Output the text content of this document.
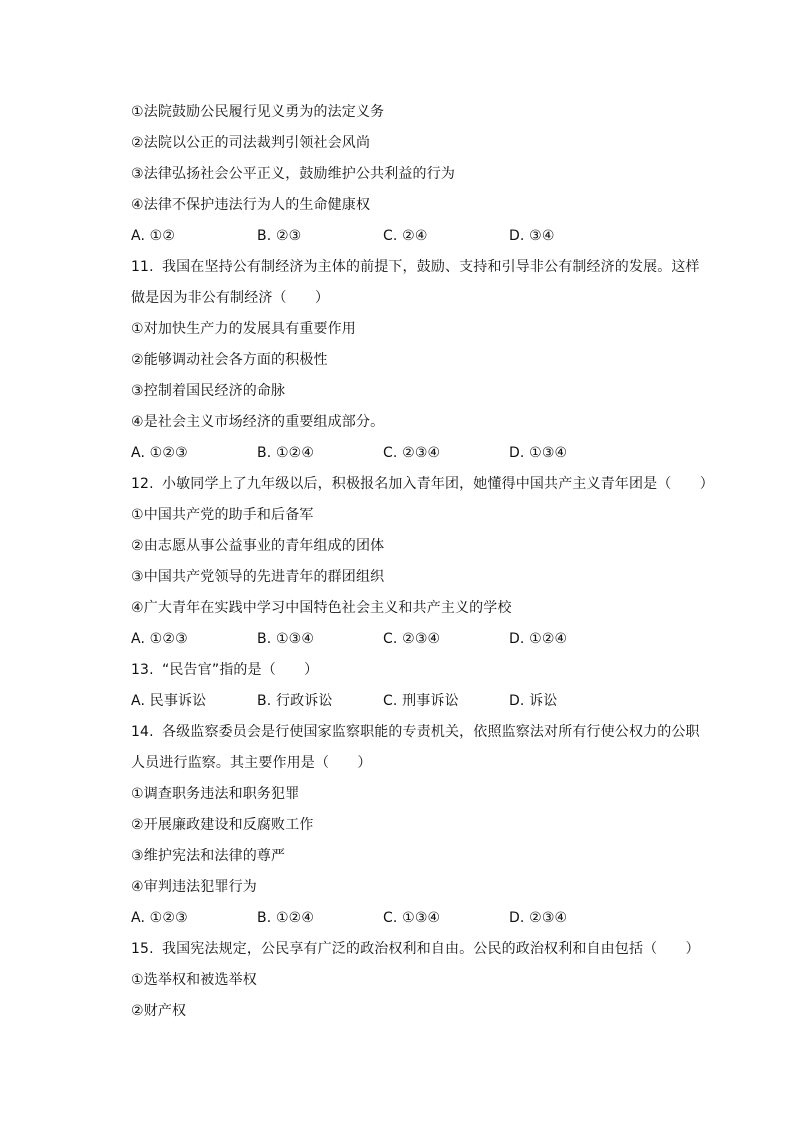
①法院鼓励公民履行见义勇为的法定义务
②法院以公正的司法裁判引领社会风尚
③法律弘扬社会公平正义，鼓励维护公共利益的行为
④法律不保护违法行为人的生命健康权
A. ①②	B. ②③	C. ②④	D. ③④
11. 我国在坚持公有制经济为主体的前提下，鼓励、支持和引导非公有制经济的发展。这样
做是因为非公有制经济（　　）
①对加快生产力的发展具有重要作用
②能够调动社会各方面的积极性
③控制着国民经济的命脉
④是社会主义市场经济的重要组成部分。
A. ①②③	B. ①②④	C. ②③④	D. ①③④
12. 小敏同学上了九年级以后，积极报名加入青年团，她懂得中国共产主义青年团是（　　）
①中国共产党的助手和后备军
②由志愿从事公益事业的青年组成的团体
③中国共产党领导的先进青年的群团组织
④广大青年在实践中学习中国特色社会主义和共产主义的学校
A. ①②③	B. ①③④	C. ②③④	D. ①②④
13. “民告官”指的是（　　）
A. 民事诉讼	B. 行政诉讼	C. 刑事诉讼	D. 诉讼
14. 各级监察委员会是行使国家监察职能的专责机关，依照监察法对所有行使公权力的公职
人员进行监察。其主要作用是（　　）
①调查职务违法和职务犯罪
②开展廉政建设和反腐败工作
③维护宪法和法律的尊严
④审判违法犯罪行为
A. ①②③	B. ①②④	C. ①③④	D. ②③④
15. 我国宪法规定，公民享有广泛的政治权利和自由。公民的政治权利和自由包括（　　）
①选举权和被选举权
②财产权
